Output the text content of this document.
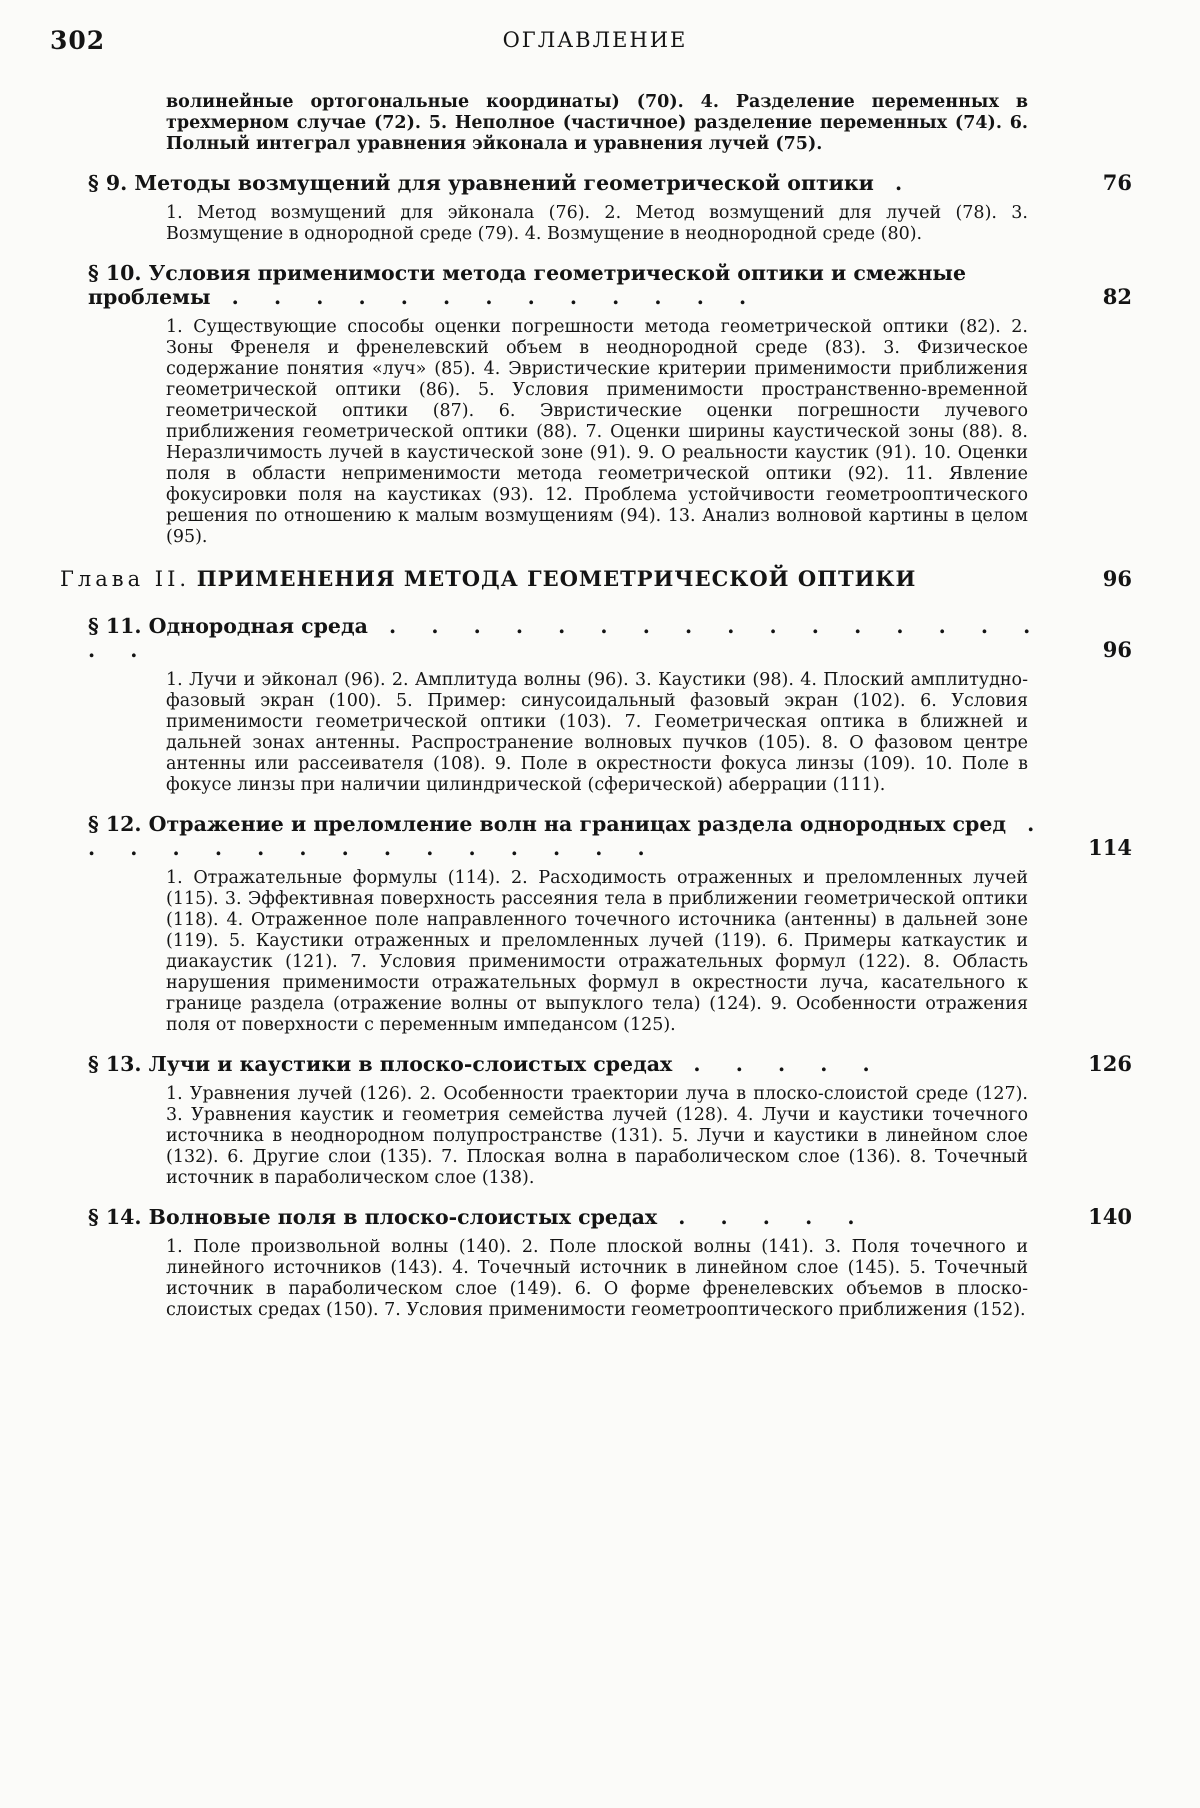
302	ОГЛАВЛЕНИЕ
волинейные ортогональные координаты) (70). 4. Разделение переменных в трехмерном случае (72). 5. Неполное (частичное) разделение переменных (74). 6. Полный интеграл уравнения эйконала и уравнения лучей (75).
§ 9. Методы возмущений для уравнений геометрической оптики .	76
1. Метод возмущений для эйконала (76). 2. Метод возмущений для лучей (78). 3. Возмущение в однородной среде (79). 4. Возмущение в неоднородной среде (80).
§ 10. Условия применимости метода геометрической оптики и смежные проблемы . . . . . . . . . . . . .	82
1. Существующие способы оценки погрешности метода геометрической оптики (82). 2. Зоны Френеля и френелевский объем в неоднородной среде (83). 3. Физическое содержание понятия «луч» (85). 4. Эвристические критерии применимости приближения геометрической оптики (86). 5. Условия применимости пространственно-временной геометрической оптики (87). 6. Эвристические оценки погрешности лучевого приближения геометрической оптики (88). 7. Оценки ширины каустической зоны (88). 8. Неразличимость лучей в каустической зоне (91). 9. О реальности каустик (91). 10. Оценки поля в области неприменимости метода геометрической оптики (92). 11. Явление фокусировки поля на каустиках (93). 12. Проблема устойчивости геометрооптического решения по отношению к малым возмущениям (94). 13. Анализ волновой картины в целом (95).
Глава II. ПРИМЕНЕНИЯ МЕТОДА ГЕОМЕТРИЧЕСКОЙ ОПТИКИ	96
§ 11. Однородная среда . . . . . . . . . . . . . . . . . .	96
1. Лучи и эйконал (96). 2. Амплитуда волны (96). 3. Каустики (98). 4. Плоский амплитудно-фазовый экран (100). 5. Пример: синусоидальный фазовый экран (102). 6. Условия применимости геометрической оптики (103). 7. Геометрическая оптика в ближней и дальней зонах антенны. Распространение волновых пучков (105). 8. О фазовом центре антенны или рассеивателя (108). 9. Поле в окрестности фокуса линзы (109). 10. Поле в фокусе линзы при наличии цилиндрической (сферической) аберрации (111).
§ 12. Отражение и преломление волн на границах раздела однородных сред . . . . . . . . . . . . . . .	114
1. Отражательные формулы (114). 2. Расходимость отраженных и преломленных лучей (115). 3. Эффективная поверхность рассеяния тела в приближении геометрической оптики (118). 4. Отраженное поле направленного точечного источника (антенны) в дальней зоне (119). 5. Каустики отраженных и преломленных лучей (119). 6. Примеры каткаустик и диакаустик (121). 7. Условия применимости отражательных формул (122). 8. Область нарушения применимости отражательных формул в окрестности луча, касательного к границе раздела (отражение волны от выпуклого тела) (124). 9. Особенности отражения поля от поверхности с переменным импедансом (125).
§ 13. Лучи и каустики в плоско-слоистых средах . . . . .	126
1. Уравнения лучей (126). 2. Особенности траектории луча в плоско-слоистой среде (127). 3. Уравнения каустик и геометрия семейства лучей (128). 4. Лучи и каустики точечного источника в неоднородном полупространстве (131). 5. Лучи и каустики в линейном слое (132). 6. Другие слои (135). 7. Плоская волна в параболическом слое (136). 8. Точечный источник в параболическом слое (138).
§ 14. Волновые поля в плоско-слоистых средах . . . . .	140
1. Поле произвольной волны (140). 2. Поле плоской волны (141). 3. Поля точечного и линейного источников (143). 4. Точечный источник в линейном слое (145). 5. Точечный источник в параболическом слое (149). 6. О форме френелевских объемов в плоско-слоистых средах (150). 7. Условия применимости геометрооптического приближения (152).
